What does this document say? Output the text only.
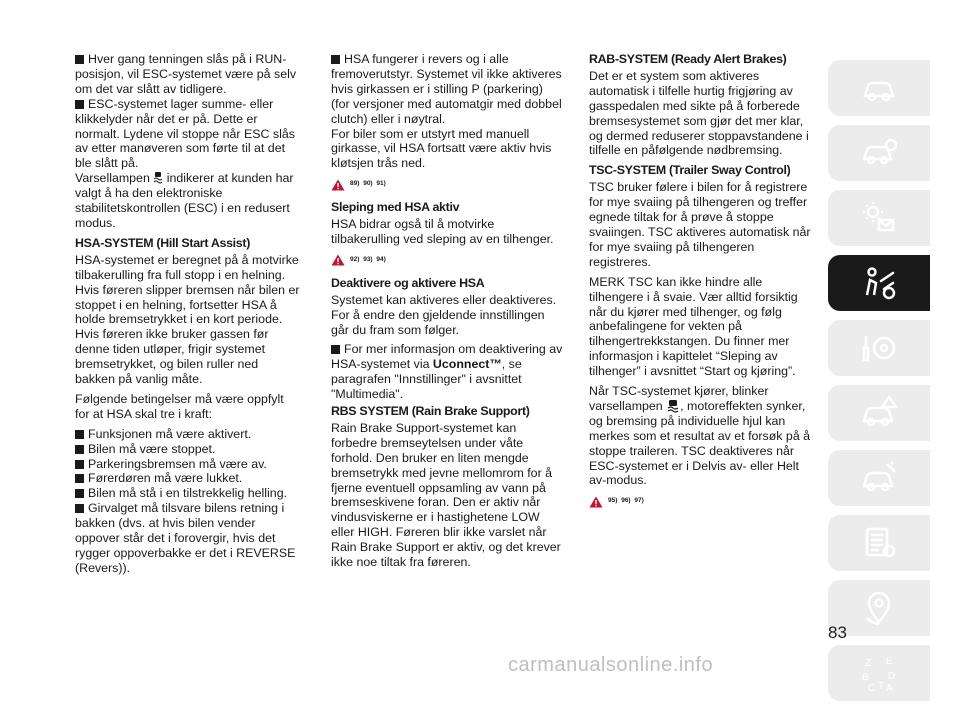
Hver gang tenningen slås på i RUN-posisjon, vil ESC-systemet være på selv om det var slått av tidligere.
ESC-systemet lager summe- eller klikkelyder når det er på. Dette er normalt. Lydene vil stoppe når ESC slås av etter manøveren som førte til at det ble slått på.
Varsellampen indikerer at kunden har valgt å ha den elektroniske stabilitetskontrollen (ESC) i en redusert modus.
HSA-SYSTEM (Hill Start Assist)
HSA-systemet er beregnet på å motvirke tilbakerulling fra full stopp i en helning. Hvis føreren slipper bremsen når bilen er stoppet i en helning, fortsetter HSA å holde bremsetrykket i en kort periode. Hvis føreren ikke bruker gassen før denne tiden utløper, frigir systemet bremsetrykket, og bilen ruller ned bakken på vanlig måte.
Følgende betingelser må være oppfylt for at HSA skal tre i kraft:
Funksjonen må være aktivert.
Bilen må være stoppet.
Parkeringsbremsen må være av.
Førerdøren må være lukket.
Bilen må stå i en tilstrekkelig helling.
Girvalget må tilsvare bilens retning i bakken (dvs. at hvis bilen vender oppover står det i forovergir, hvis det rygger oppoverbakke er det i REVERSE (Revers)).
HSA fungerer i revers og i alle fremoverutstyr. Systemet vil ikke aktiveres hvis girkassen er i stilling P (parkering) (for versjoner med automatgir med dobbel clutch) eller i nøytral.
For biler som er utstyrt med manuell girkasse, vil HSA fortsatt være aktiv hvis kløtsjen trås ned.
89) 90) 91)
Sleping med HSA aktiv
HSA bidrar også til å motvirke tilbakerulling ved sleping av en tilhenger.
92) 93) 94)
Deaktivere og aktivere HSA
Systemet kan aktiveres eller deaktiveres. For å endre den gjeldende innstillingen går du fram som følger.
For mer informasjon om deaktivering av HSA-systemet via Uconnect™, se paragrafen "Innstillinger" i avsnittet "Multimedia".
RBS SYSTEM (Rain Brake Support)
Rain Brake Support-systemet kan forbedre bremseytelsen under våte forhold. Den bruker en liten mengde bremsetrykk med jevne mellomrom for å fjerne eventuell oppsamling av vann på bremseskivene foran. Den er aktiv når vindusviskerne er i hastighetene LOW eller HIGH. Føreren blir ikke varslet når Rain Brake Support er aktiv, og det krever ikke noe tiltak fra føreren.
RAB-SYSTEM (Ready Alert Brakes)
Det er et system som aktiveres automatisk i tilfelle hurtig frigjøring av gasspedalen med sikte på å forberede bremsesystemet som gjør det mer klar, og dermed reduserer stoppavstandene i tilfelle en påfølgende nødbremsing.
TSC-SYSTEM (Trailer Sway Control)
TSC bruker følere i bilen for å registrere for mye svaiing på tilhengeren og treffer egnede tiltak for å prøve å stoppe svaiingen. TSC aktiveres automatisk når for mye svaiing på tilhengeren registreres.
MERK TSC kan ikke hindre alle tilhengere i å svaie. Vær alltid forsiktig når du kjører med tilhenger, og følg anbefalingene for vekten på tilhengertrekkstangen. Du finner mer informasjon i kapittelet “Sleping av tilhenger” i avsnittet “Start og kjøring”.
Når TSC-systemet kjører, blinker varsellampen , motoreffekten synker, og bremsing på individuelle hjul kan merkes som et resultat av et forsøk på å stoppe traileren. TSC deaktiveres når ESC-systemet er i Delvis av- eller Helt av-modus.
95) 96) 97)
Z E
B D
C T A
83
carmanualsonline.info
